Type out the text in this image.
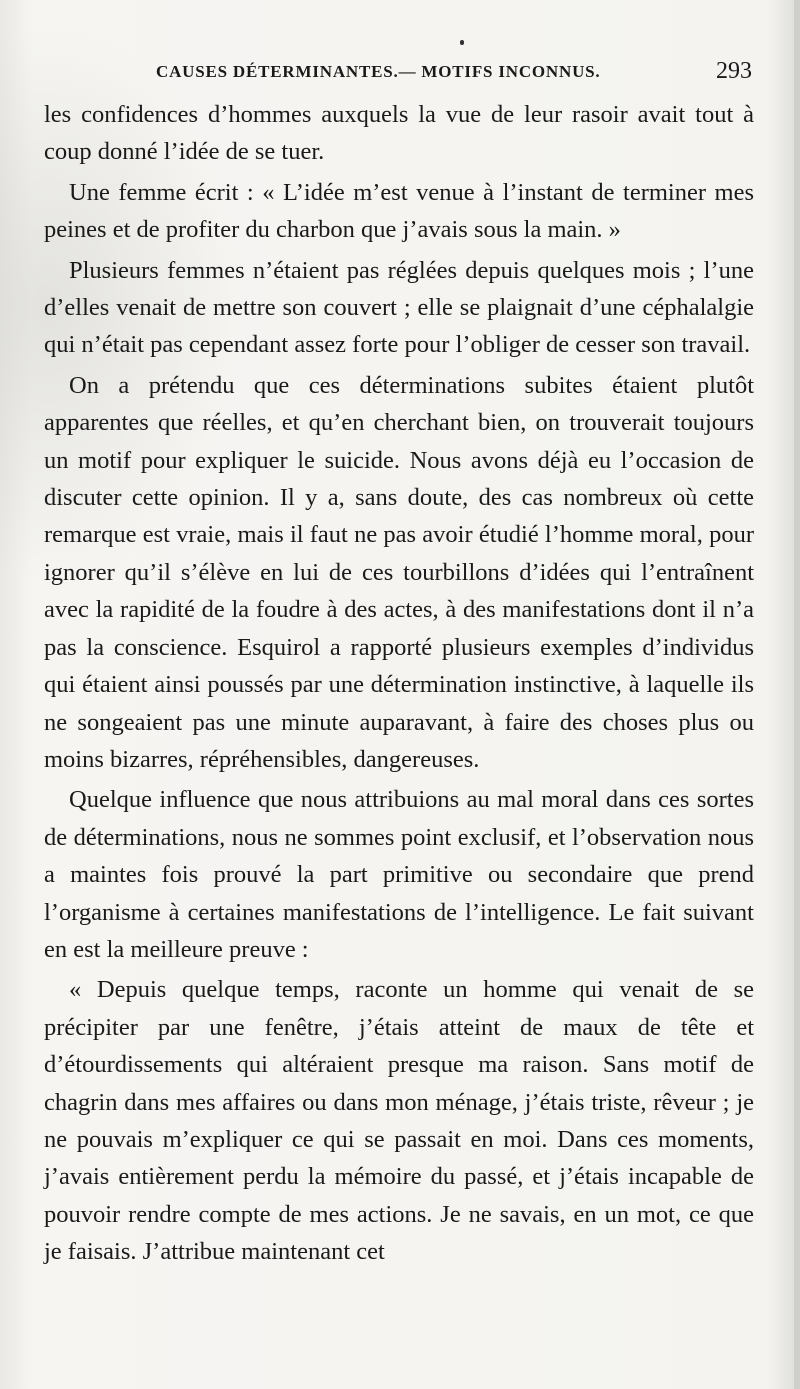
CAUSES DÉTERMINANTES.— MOTIFS INCONNUS.	293

les confidences d’hommes auxquels la vue de leur rasoir avait tout à coup donné l’idée de se tuer.

Une femme écrit : « L’idée m’est venue à l’instant de terminer mes peines et de profiter du charbon que j’avais sous la main. »

Plusieurs femmes n’étaient pas réglées depuis quelques mois ; l’une d’elles venait de mettre son couvert ; elle se plaignait d’une céphalalgie qui n’était pas cependant assez forte pour l’obliger de cesser son travail.

On a prétendu que ces déterminations subites étaient plutôt apparentes que réelles, et qu’en cherchant bien, on trouverait toujours un motif pour expliquer le suicide. Nous avons déjà eu l’occasion de discuter cette opinion. Il y a, sans doute, des cas nombreux où cette remarque est vraie, mais il faut ne pas avoir étudié l’homme moral, pour ignorer qu’il s’élève en lui de ces tourbillons d’idées qui l’entraînent avec la rapidité de la foudre à des actes, à des manifestations dont il n’a pas la conscience. Esquirol a rapporté plusieurs exemples d’individus qui étaient ainsi poussés par une détermination instinctive, à laquelle ils ne songeaient pas une minute auparavant, à faire des choses plus ou moins bizarres, répréhensibles, dangereuses.

Quelque influence que nous attribuions au mal moral dans ces sortes de déterminations, nous ne sommes point exclusif, et l’observation nous a maintes fois prouvé la part primitive ou secondaire que prend l’organisme à certaines manifestations de l’intelligence. Le fait suivant en est la meilleure preuve :

« Depuis quelque temps, raconte un homme qui venait de se précipiter par une fenêtre, j’étais atteint de maux de tête et d’étourdissements qui altéraient presque ma raison. Sans motif de chagrin dans mes affaires ou dans mon ménage, j’étais triste, rêveur ; je ne pouvais m’expliquer ce qui se passait en moi. Dans ces moments, j’avais entièrement perdu la mémoire du passé, et j’étais incapable de pouvoir rendre compte de mes actions. Je ne savais, en un mot, ce que je faisais. J’attribue maintenant cet
